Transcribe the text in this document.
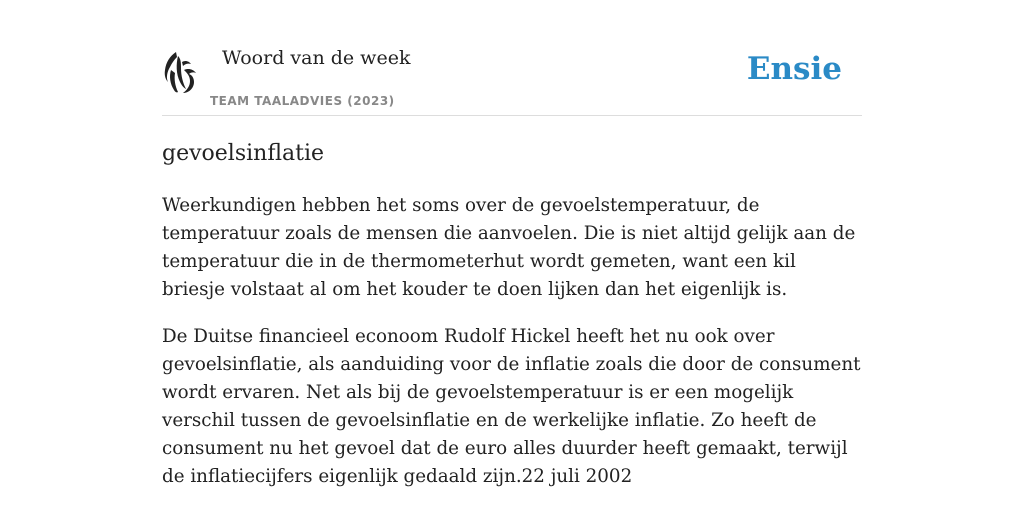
Woord van de week
TEAM TAALADVIES (2023)
Ensie
gevoelsinflatie

Weerkundigen hebben het soms over de gevoelstemperatuur, de temperatuur zoals de mensen die aanvoelen. Die is niet altijd gelijk aan de temperatuur die in de thermometerhut wordt gemeten, want een kil briesje volstaat al om het kouder te doen lijken dan het eigenlijk is.

De Duitse financieel econoom Rudolf Hickel heeft het nu ook over gevoelsinflatie, als aanduiding voor de inflatie zoals die door de consument wordt ervaren. Net als bij de gevoelstemperatuur is er een mogelijk verschil tussen de gevoelsinflatie en de werkelijke inflatie. Zo heeft de consument nu het gevoel dat de euro alles duurder heeft gemaakt, terwijl de inflatiecijfers eigenlijk gedaald zijn.22 juli 2002
